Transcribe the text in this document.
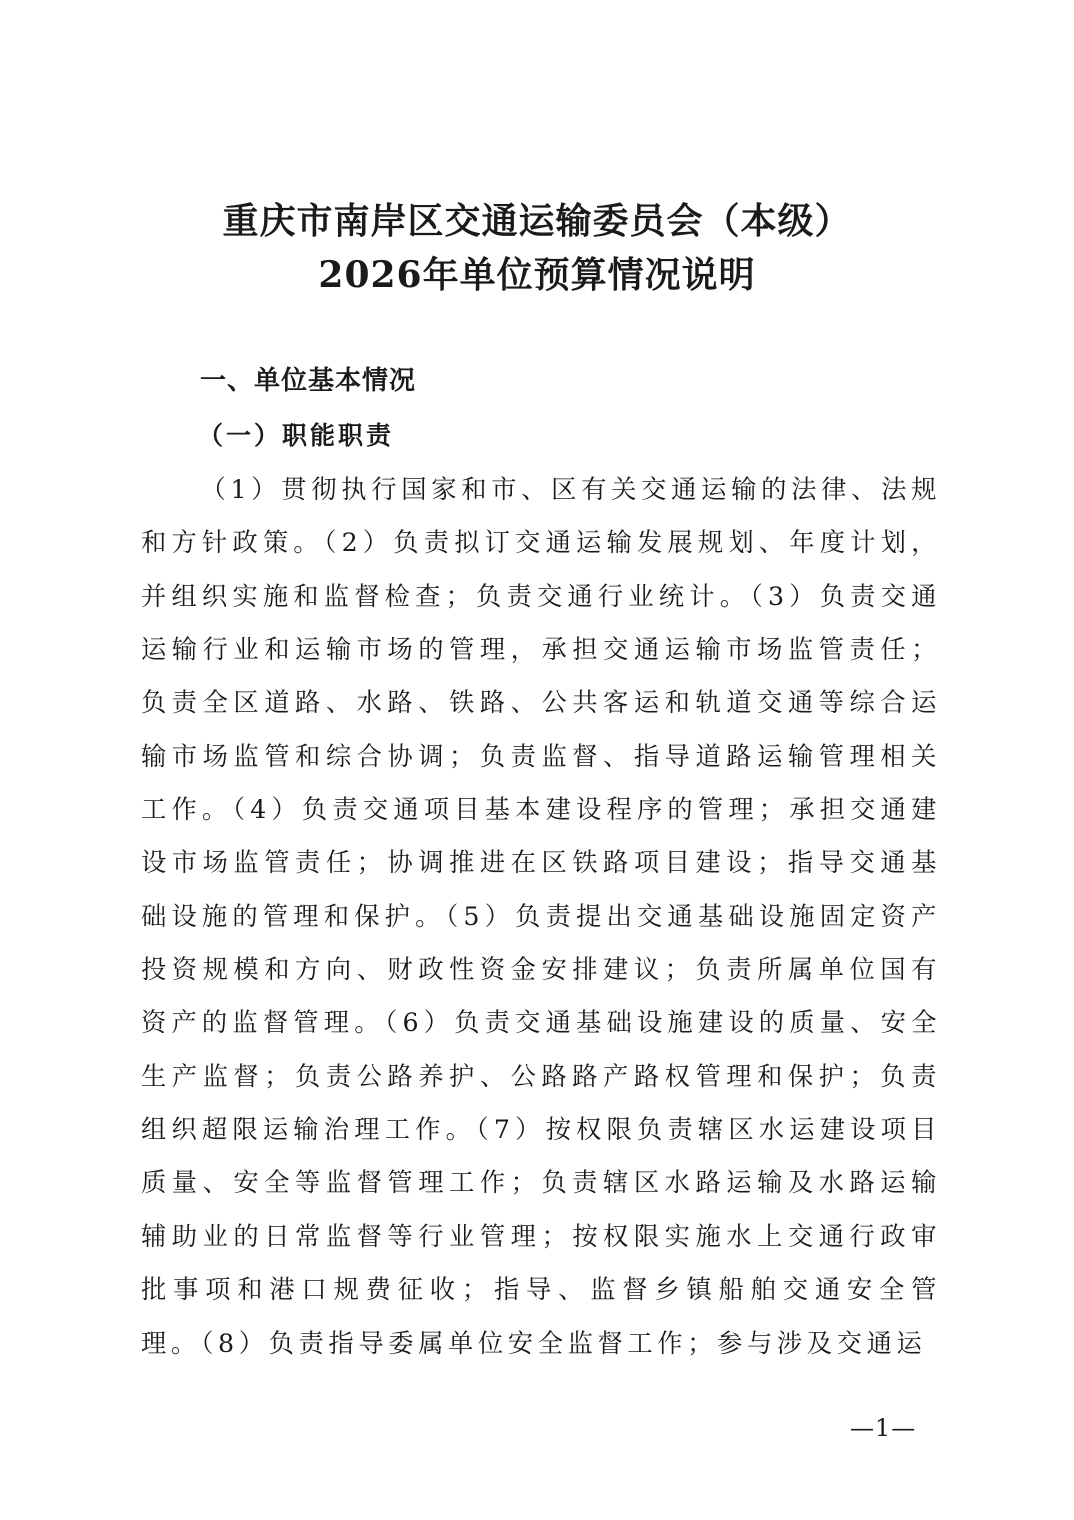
重庆市南岸区交通运输委员会（本级）
2026年单位预算情况说明
一、单位基本情况
（一）职能职责

（1）贯彻执行国家和市、区有关交通运输的法律、法规和方针政策。（2）负责拟订交通运输发展规划、年度计划，并组织实施和监督检查；负责交通行业统计。（3）负责交通运输行业和运输市场的管理，承担交通运输市场监管责任；负责全区道路、水路、铁路、公共客运和轨道交通等综合运输市场监管和综合协调；负责监督、指导道路运输管理相关工作。（4）负责交通项目基本建设程序的管理；承担交通建设市场监管责任；协调推进在区铁路项目建设；指导交通基础设施的管理和保护。（5）负责提出交通基础设施固定资产投资规模和方向、财政性资金安排建议；负责所属单位国有资产的监督管理。（6）负责交通基础设施建设的质量、安全生产监督；负责公路养护、公路路产路权管理和保护；负责组织超限运输治理工作。（7）按权限负责辖区水运建设项目质量、安全等监督管理工作；负责辖区水路运输及水路运输辅助业的日常监督等行业管理；按权限实施水上交通行政审批事项和港口规费征收；指导、监督乡镇船舶交通安全管理。（8）负责指导委属单位安全监督工作；参与涉及交通运

—1—
